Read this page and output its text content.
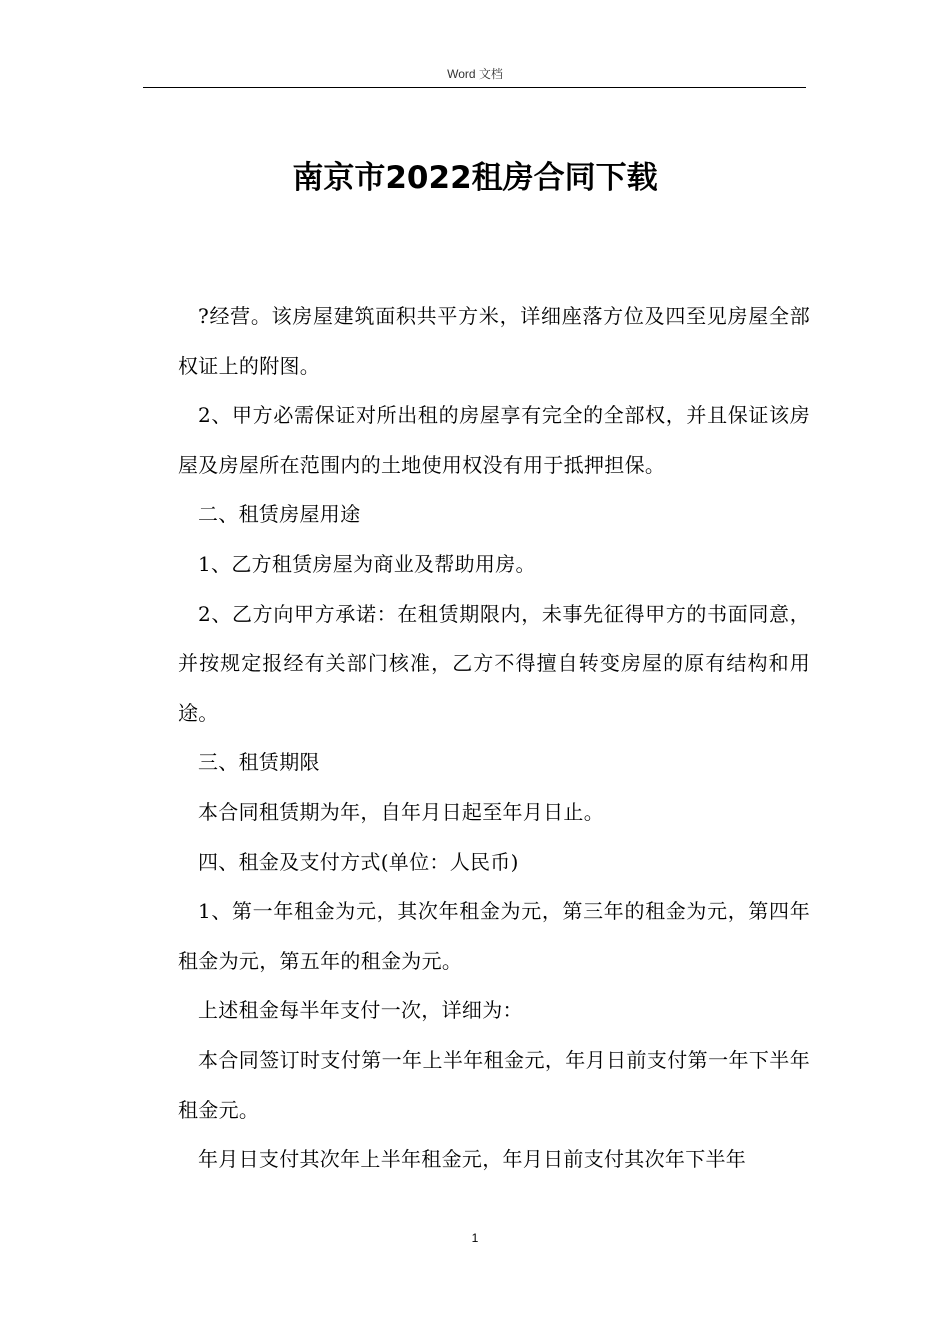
Word 文档
南京市2022租房合同下载

?经营。该房屋建筑面积共平方米，详细座落方位及四至见房屋全部权证上的附图。

2、甲方必需保证对所出租的房屋享有完全的全部权，并且保证该房屋及房屋所在范围内的土地使用权没有用于抵押担保。

二、租赁房屋用途

1、乙方租赁房屋为商业及帮助用房。

2、乙方向甲方承诺：在租赁期限内，未事先征得甲方的书面同意，并按规定报经有关部门核准，乙方不得擅自转变房屋的原有结构和用途。

三、租赁期限

本合同租赁期为年，自年月日起至年月日止。

四、租金及支付方式(单位：人民币)

1、第一年租金为元，其次年租金为元，第三年的租金为元，第四年租金为元，第五年的租金为元。

上述租金每半年支付一次，详细为：

本合同签订时支付第一年上半年租金元，年月日前支付第一年下半年租金元。

年月日支付其次年上半年租金元，年月日前支付其次年下半年

1
